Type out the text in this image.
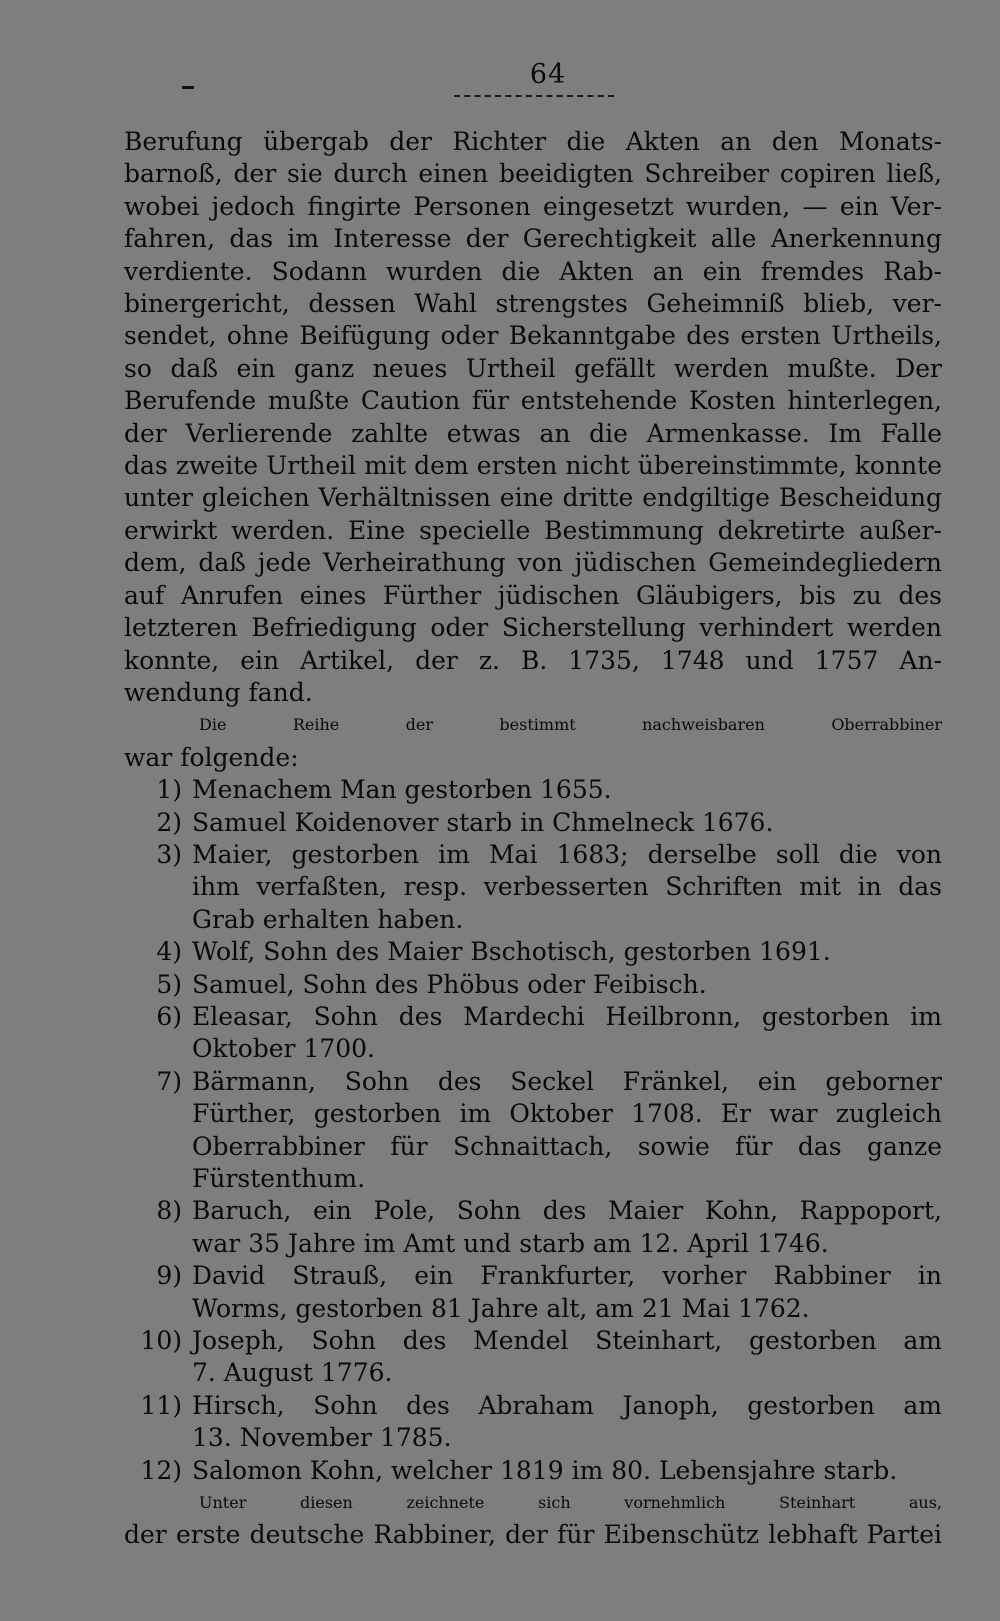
64
Berufung übergab der Richter die Akten an den Monats-
barnoß, der sie durch einen beeidigten Schreiber copiren ließ,
wobei jedoch fingirte Personen eingesetzt wurden, — ein Ver-
fahren, das im Interesse der Gerechtigkeit alle Anerkennung
verdiente. Sodann wurden die Akten an ein fremdes Rab-
binergericht, dessen Wahl strengstes Geheimniß blieb, ver-
sendet, ohne Beifügung oder Bekanntgabe des ersten Urtheils,
so daß ein ganz neues Urtheil gefällt werden mußte. Der
Berufende mußte Caution für entstehende Kosten hinterlegen,
der Verlierende zahlte etwas an die Armenkasse. Im Falle
das zweite Urtheil mit dem ersten nicht übereinstimmte, konnte
unter gleichen Verhältnissen eine dritte endgiltige Bescheidung
erwirkt werden. Eine specielle Bestimmung dekretirte außer-
dem, daß jede Verheirathung von jüdischen Gemeindegliedern
auf Anrufen eines Fürther jüdischen Gläubigers, bis zu des
letzteren Befriedigung oder Sicherstellung verhindert werden
konnte, ein Artikel, der z. B. 1735, 1748 und 1757 An-
wendung fand.
Die Reihe der bestimmt nachweisbaren Oberrabbiner
war folgende:
1) Menachem Man gestorben 1655.
2) Samuel Koidenover starb in Chmelneck 1676.
3) Maier, gestorben im Mai 1683; derselbe soll die von
ihm verfaßten, resp. verbesserten Schriften mit in das
Grab erhalten haben.
4) Wolf, Sohn des Maier Bschotisch, gestorben 1691.
5) Samuel, Sohn des Phöbus oder Feibisch.
6) Eleasar, Sohn des Mardechi Heilbronn, gestorben im
Oktober 1700.
7) Bärmann, Sohn des Seckel Fränkel, ein geborner
Fürther, gestorben im Oktober 1708. Er war zugleich
Oberrabbiner für Schnaittach, sowie für das ganze
Fürstenthum.
8) Baruch, ein Pole, Sohn des Maier Kohn, Rappoport,
war 35 Jahre im Amt und starb am 12. April 1746.
9) David Strauß, ein Frankfurter, vorher Rabbiner in
Worms, gestorben 81 Jahre alt, am 21 Mai 1762.
10) Joseph, Sohn des Mendel Steinhart, gestorben am
7. August 1776.
11) Hirsch, Sohn des Abraham Janoph, gestorben am
13. November 1785.
12) Salomon Kohn, welcher 1819 im 80. Lebensjahre starb.
Unter diesen zeichnete sich vornehmlich Steinhart aus,
der erste deutsche Rabbiner, der für Eibenschütz lebhaft Partei
